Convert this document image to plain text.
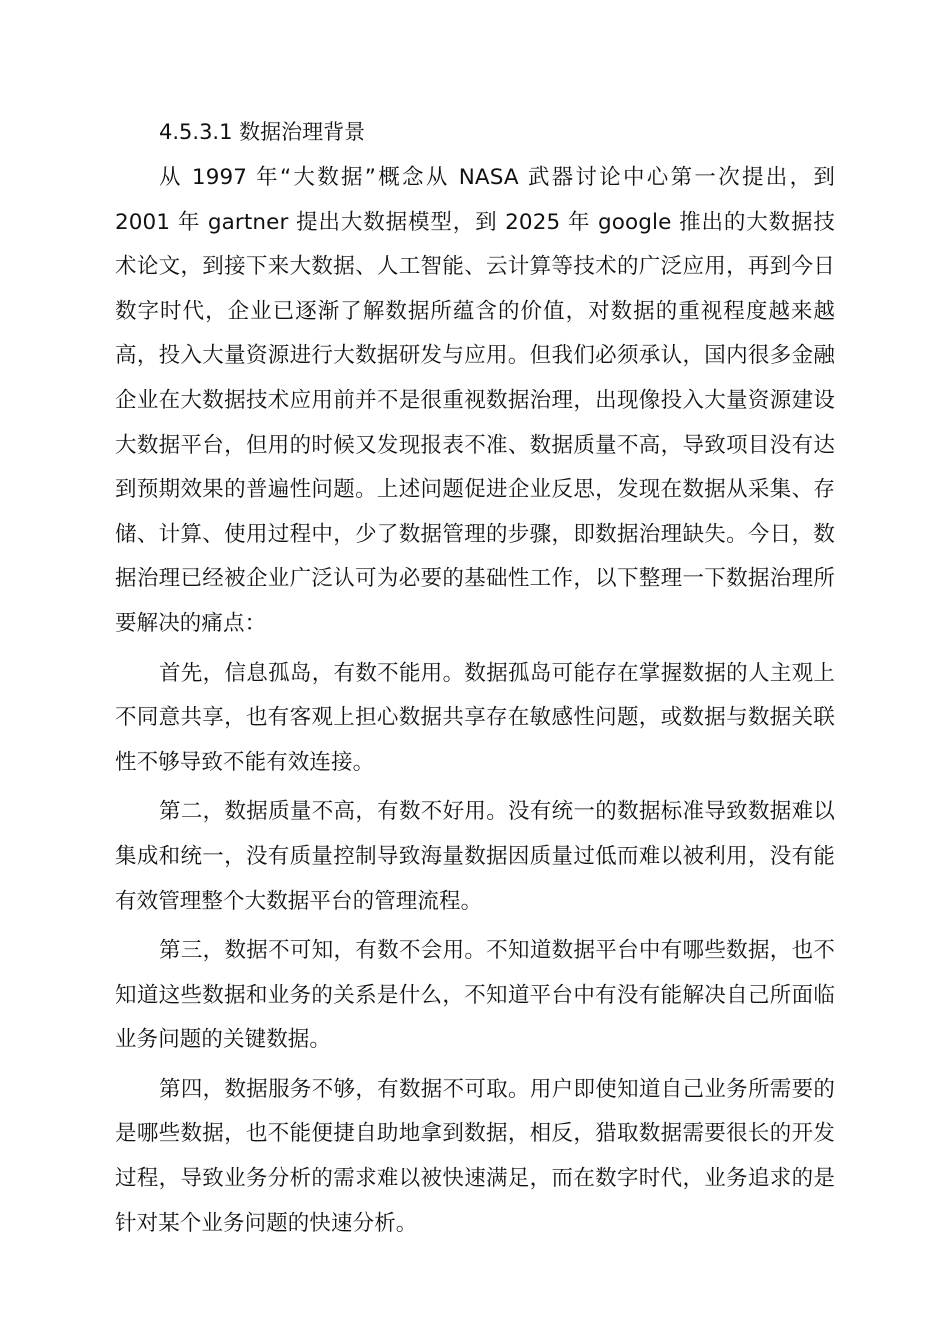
4.5.3.1 数据治理背景

从 1997 年“大数据”概念从 NASA 武器讨论中心第一次提出，到 2001 年 gartner 提出大数据模型，到 2025 年 google 推出的大数据技术论文，到接下来大数据、人工智能、云计算等技术的广泛应用，再到今日数字时代，企业已逐渐了解数据所蕴含的价值，对数据的重视程度越来越高，投入大量资源进行大数据研发与应用。但我们必须承认，国内很多金融企业在大数据技术应用前并不是很重视数据治理，出现像投入大量资源建设大数据平台，但用的时候又发现报表不准、数据质量不高，导致项目没有达到预期效果的普遍性问题。上述问题促进企业反思，发现在数据从采集、存储、计算、使用过程中，少了数据管理的步骤，即数据治理缺失。今日，数据治理已经被企业广泛认可为必要的基础性工作，以下整理一下数据治理所要解决的痛点：

首先，信息孤岛，有数不能用。数据孤岛可能存在掌握数据的人主观上不同意共享，也有客观上担心数据共享存在敏感性问题，或数据与数据关联性不够导致不能有效连接。

第二，数据质量不高，有数不好用。没有统一的数据标准导致数据难以集成和统一，没有质量控制导致海量数据因质量过低而难以被利用，没有能有效管理整个大数据平台的管理流程。

第三，数据不可知，有数不会用。不知道数据平台中有哪些数据，也不知道这些数据和业务的关系是什么，不知道平台中有没有能解决自己所面临业务问题的关键数据。

第四，数据服务不够，有数据不可取。用户即使知道自己业务所需要的是哪些数据，也不能便捷自助地拿到数据，相反，猎取数据需要很长的开发过程，导致业务分析的需求难以被快速满足，而在数字时代，业务追求的是针对某个业务问题的快速分析。
